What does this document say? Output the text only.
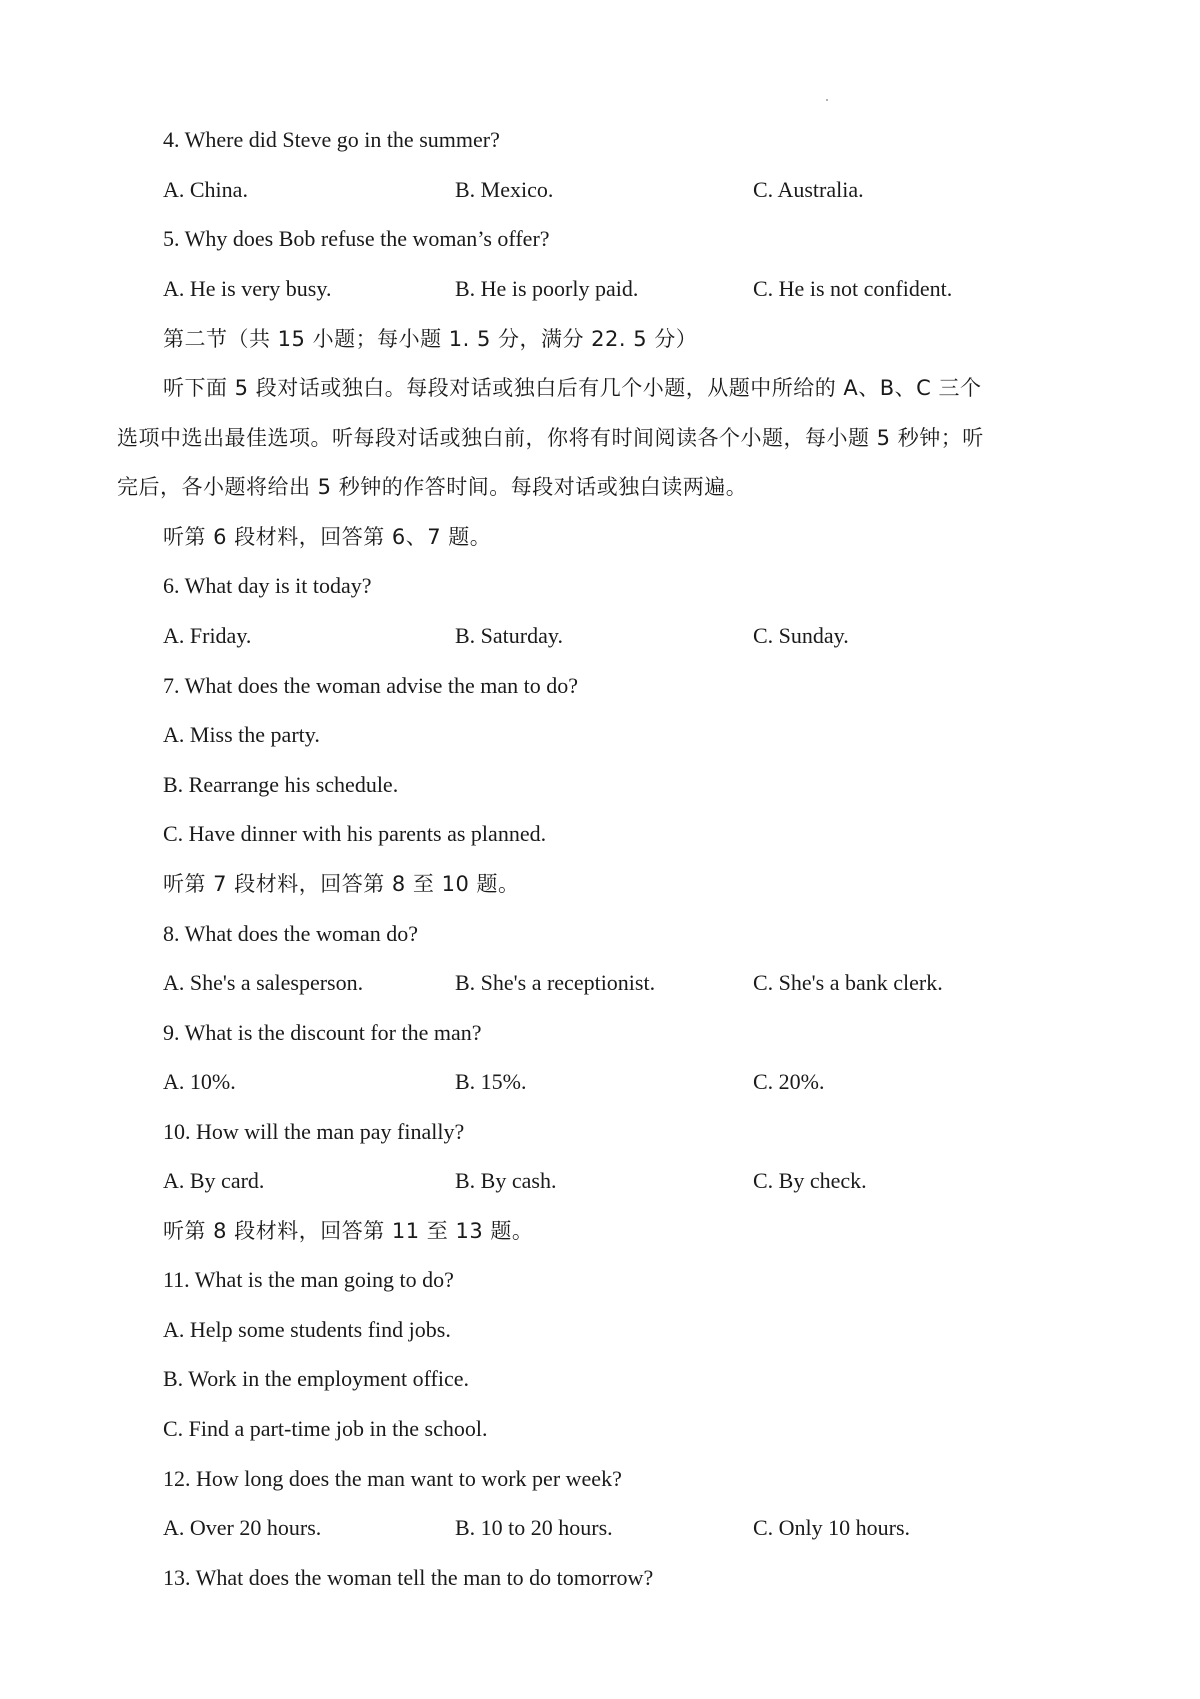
4. Where did Steve go in the summer?
A. China.	B. Mexico.	C. Australia.
5. Why does Bob refuse the woman’s offer?
A. He is very busy.	B. He is poorly paid.	C. He is not confident.
第二节（共 15 小题；每小题 1. 5 分，满分 22. 5 分）
听下面 5 段对话或独白。每段对话或独白后有几个小题，从题中所给的 A、B、C 三个
选项中选出最佳选项。听每段对话或独白前，你将有时间阅读各个小题，每小题 5 秒钟；听
完后，各小题将给出 5 秒钟的作答时间。每段对话或独白读两遍。
听第 6 段材料，回答第 6、7 题。
6. What day is it today?
A. Friday.	B. Saturday.	C. Sunday.
7. What does the woman advise the man to do?
A. Miss the party.
B. Rearrange his schedule.
C. Have dinner with his parents as planned.
听第 7 段材料，回答第 8 至 10 题。
8. What does the woman do?
A. She's a salesperson.	B. She's a receptionist.	C. She's a bank clerk.
9. What is the discount for the man?
A. 10%.	B. 15%.	C. 20%.
10. How will the man pay finally?
A. By card.	B. By cash.	C. By check.
听第 8 段材料，回答第 11 至 13 题。
11. What is the man going to do?
A. Help some students find jobs.
B. Work in the employment office.
C. Find a part-time job in the school.
12. How long does the man want to work per week?
A. Over 20 hours.	B. 10 to 20 hours.	C. Only 10 hours.
13. What does the woman tell the man to do tomorrow?
